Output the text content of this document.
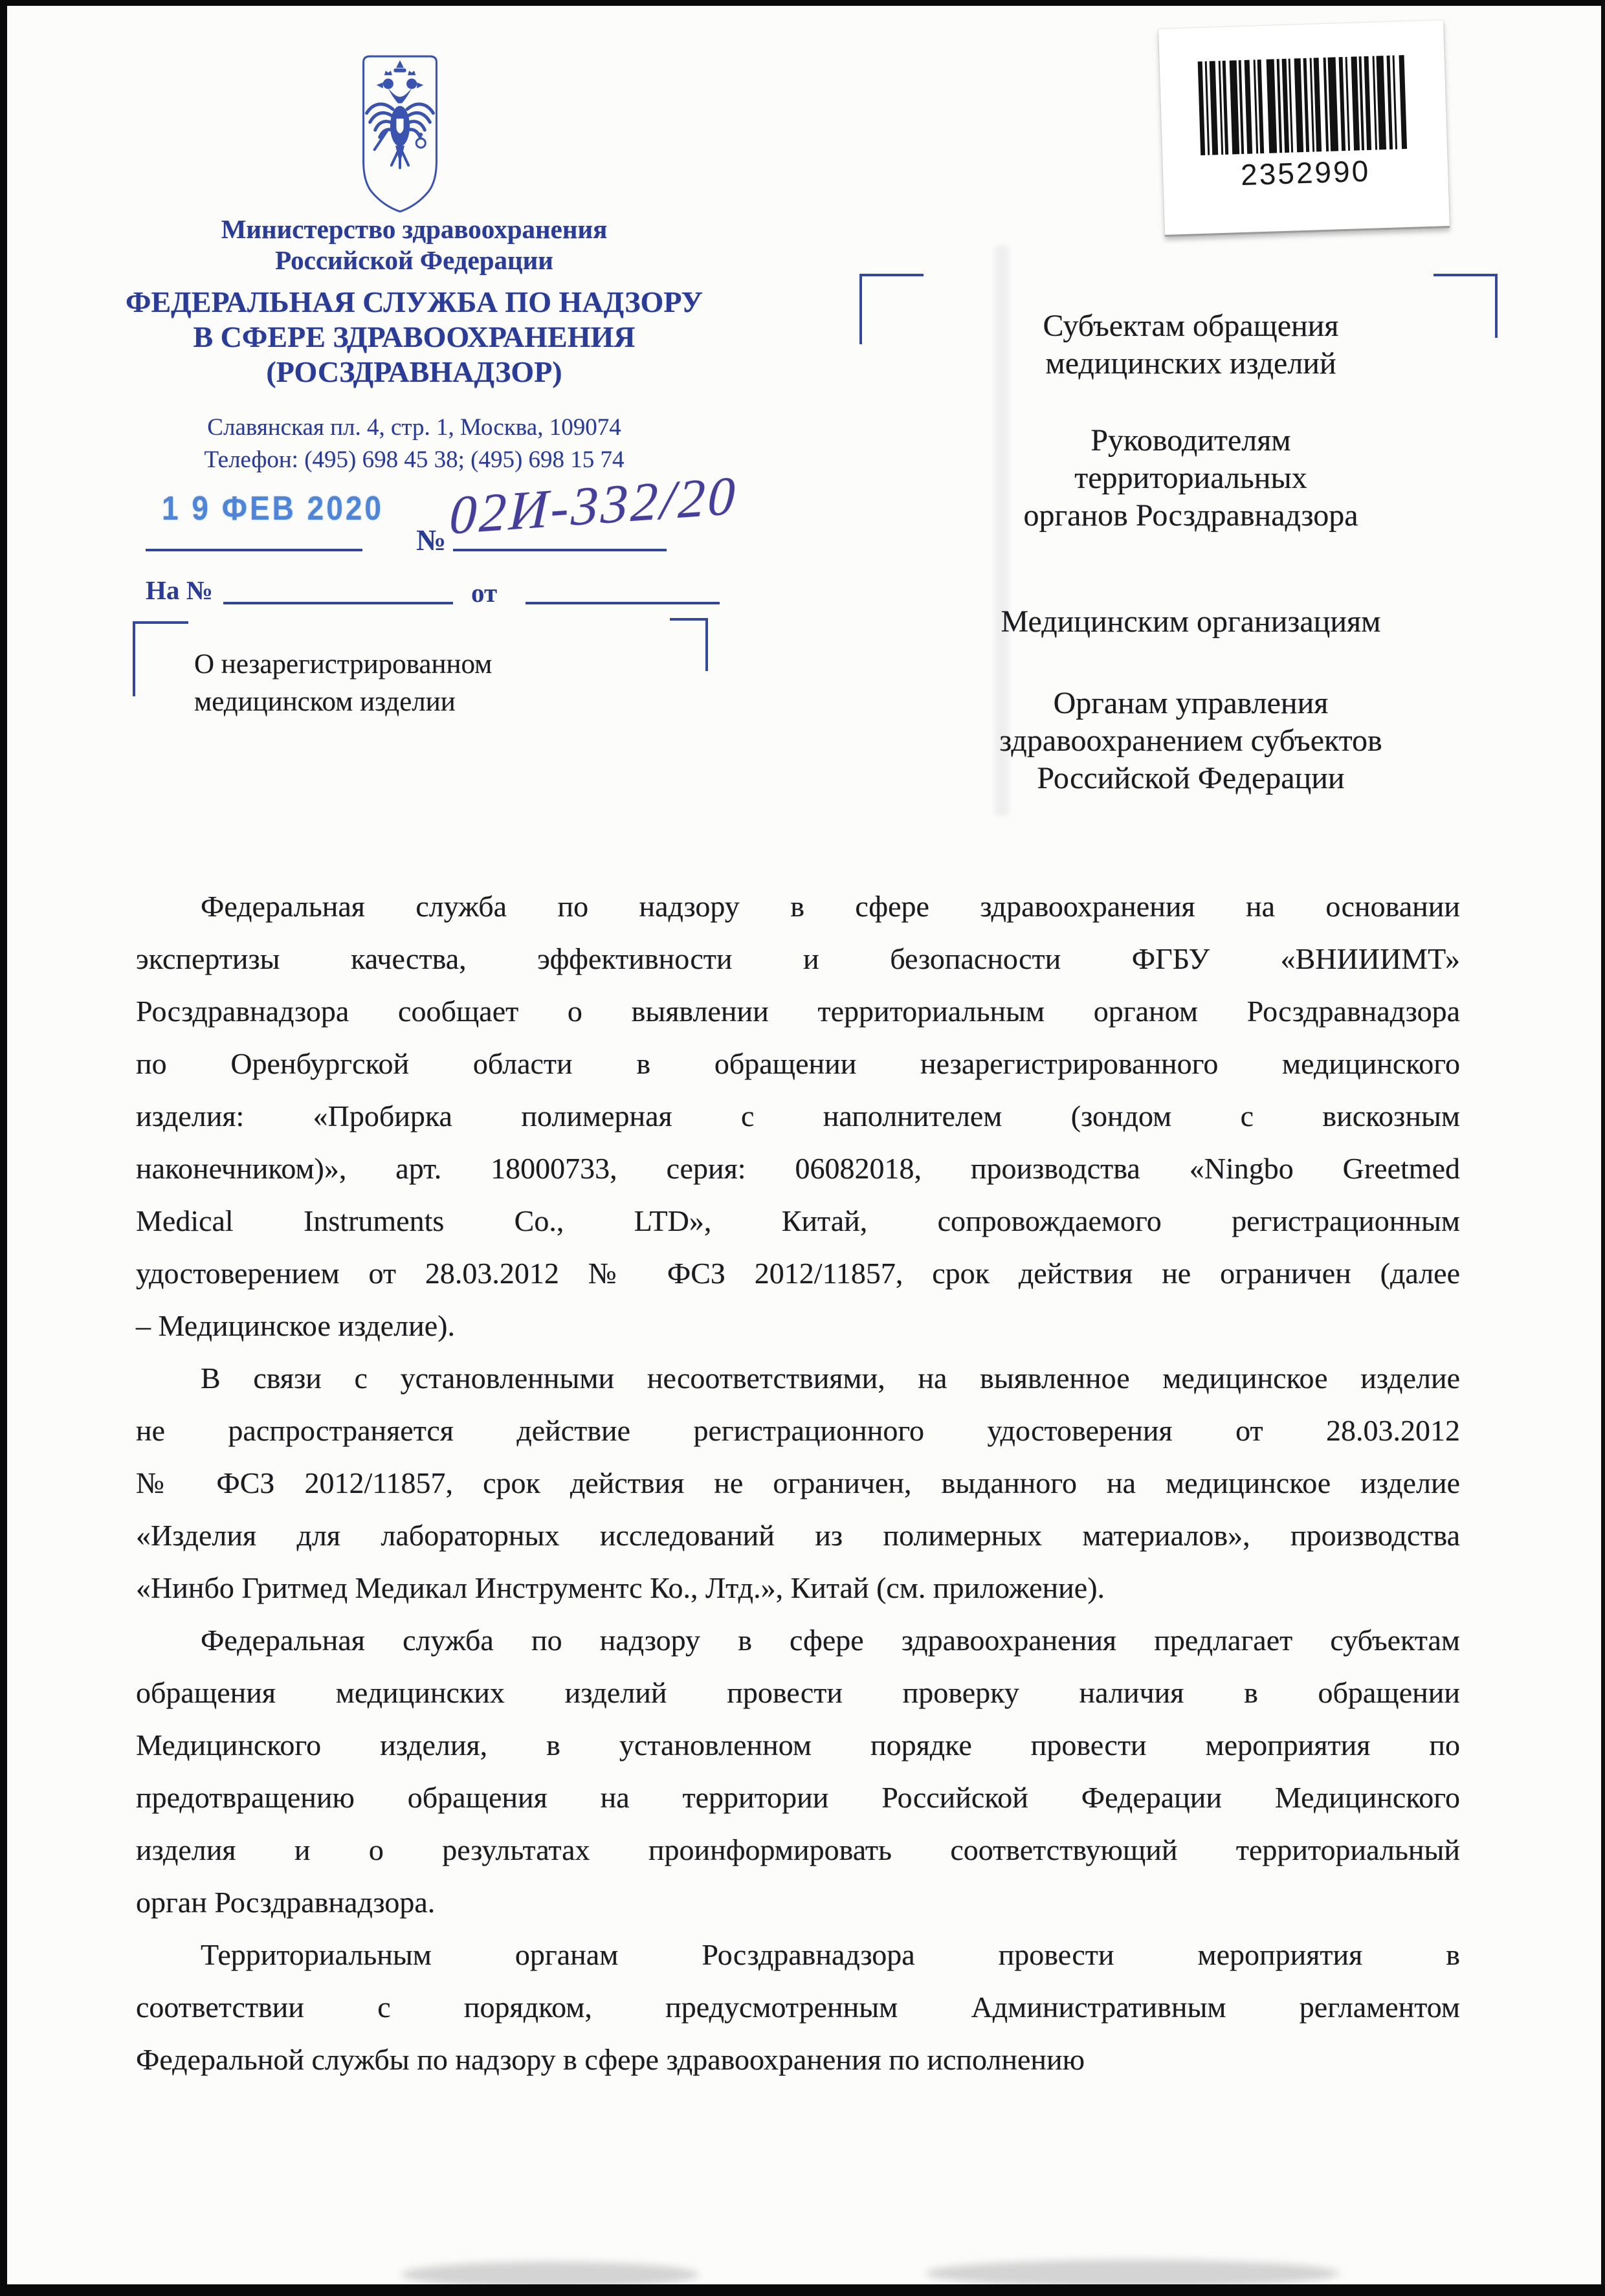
Министерство здравоохранения
Российской Федерации
ФЕДЕРАЛЬНАЯ СЛУЖБА ПО НАДЗОРУ
В СФЕРЕ ЗДРАВООХРАНЕНИЯ
(РОСЗДРАВНАДЗОР)
Славянская пл. 4, стр. 1, Москва, 109074
Телефон: (495) 698 45 38; (495) 698 15 74
2352990
1 9 ФЕВ 2020
№ 02И-332/20
На №	от
О незарегистрированном
медицинском изделии
Субъектам обращения
медицинских изделий
Руководителям
территориальных
органов Росздравнадзора
Медицинским организациям
Органам управления
здравоохранением субъектов
Российской Федерации
Федеральная служба по надзору в сфере здравоохранения на основании
экспертизы качества, эффективности и безопасности ФГБУ «ВНИИИМТ»
Росздравнадзора сообщает о выявлении территориальным органом Росздравнадзора
по Оренбургской области в обращении незарегистрированного медицинского
изделия: «Пробирка полимерная с наполнителем (зондом с вискозным
наконечником)», арт. 18000733, серия: 06082018, производства «Ningbo Greetmed
Medical Instruments Co., LTD», Китай, сопровождаемого регистрационным
удостоверением от 28.03.2012 № ФСЗ 2012/11857, срок действия не ограничен (далее
– Медицинское изделие).
В связи с установленными несоответствиями, на выявленное медицинское изделие
не распространяется действие регистрационного удостоверения от 28.03.2012
№ ФСЗ 2012/11857, срок действия не ограничен, выданного на медицинское изделие
«Изделия для лабораторных исследований из полимерных материалов», производства
«Нинбо Гритмед Медикал Инструментс Ко., Лтд.», Китай (см. приложение).
Федеральная служба по надзору в сфере здравоохранения предлагает субъектам
обращения медицинских изделий провести проверку наличия в обращении
Медицинского изделия, в установленном порядке провести мероприятия по
предотвращению обращения на территории Российской Федерации Медицинского
изделия и о результатах проинформировать соответствующий территориальный
орган Росздравнадзора.
Территориальным органам Росздравнадзора провести мероприятия в
соответствии с порядком, предусмотренным Административным регламентом
Федеральной службы по надзору в сфере здравоохранения по исполнению
